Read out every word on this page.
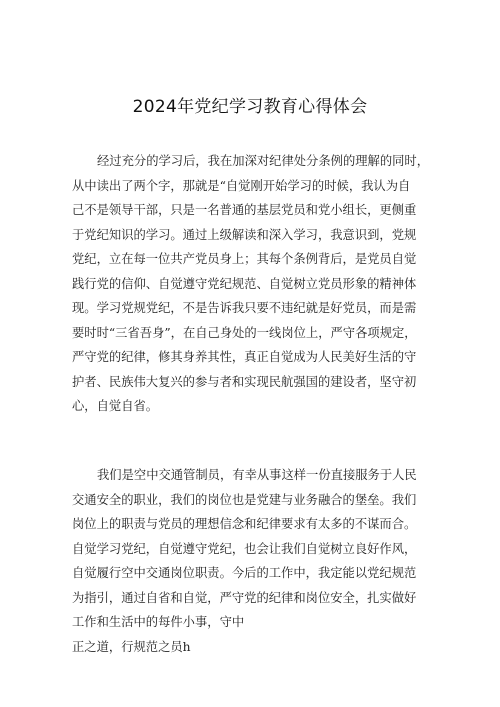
2024年党纪学习教育心得体会
经过充分的学习后，我在加深对纪律处分条例的理解的同时，
从中读出了两个字，那就是“自觉刚开始学习的时候，我认为自
己不是领导干部，只是一名普通的基层党员和党小组长，更侧重
于党纪知识的学习。通过上级解读和深入学习，我意识到，党规
党纪，立在每一位共产党员身上；其每个条例背后，是党员自觉
践行党的信仰、自觉遵守党纪规范、自觉树立党员形象的精神体
现。学习党规党纪，不是告诉我只要不违纪就是好党员，而是需
要时时“三省吾身”，在自己身处的一线岗位上，严守各项规定，
严守党的纪律，修其身养其性，真正自觉成为人民美好生活的守
护者、民族伟大复兴的参与者和实现民航强国的建设者，坚守初
心，自觉自省。
我们是空中交通管制员，有幸从事这样一份直接服务于人民
交通安全的职业，我们的岗位也是党建与业务融合的堡垒。我们
岗位上的职责与党员的理想信念和纪律要求有太多的不谋而合。
自觉学习党纪，自觉遵守党纪，也会让我们自觉树立良好作风，
自觉履行空中交通岗位职责。今后的工作中，我定能以党纪规范
为指引，通过自省和自觉，严守党的纪律和岗位安全，扎实做好
工作和生活中的每件小事，守中
正之道，行规范之员h
